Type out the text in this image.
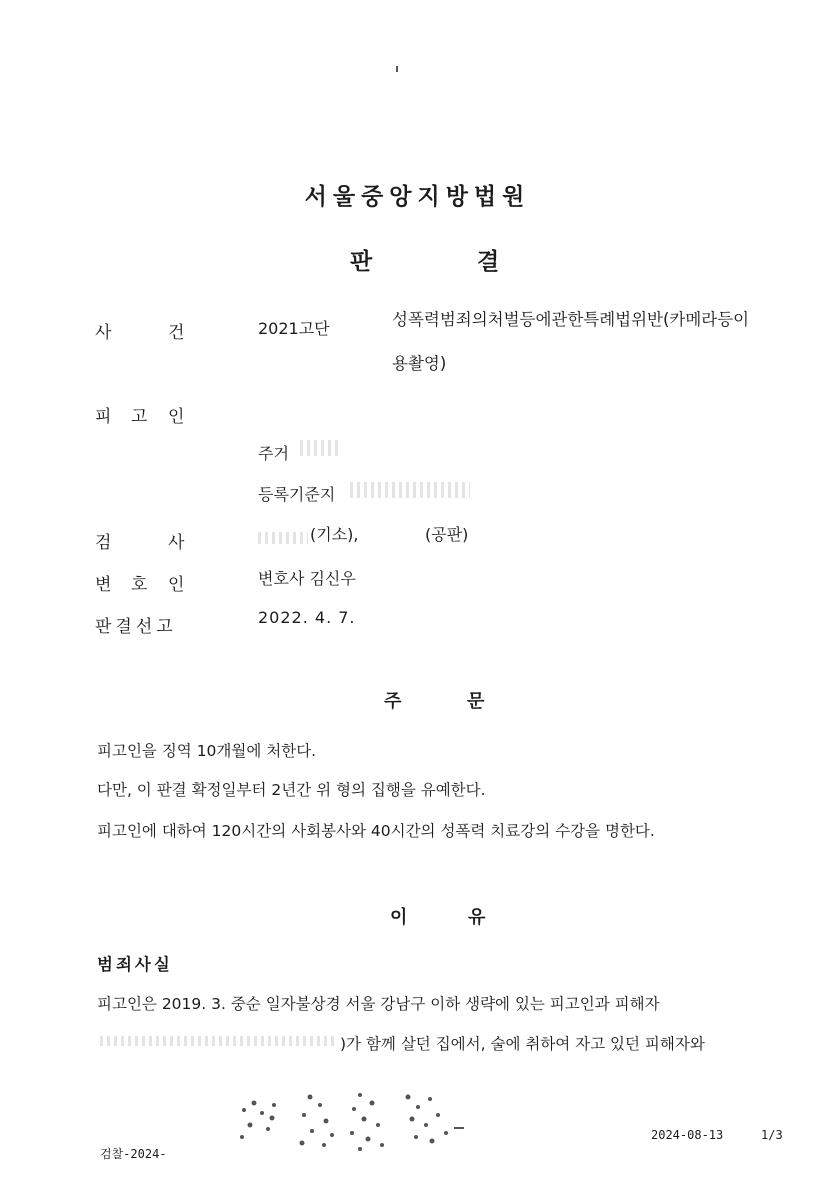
서울중앙지방법원
판	결
사	건	2021고단	성폭력범죄의처벌등에관한특례법위반(카메라등이
용촬영)
피 고 인
주거
등록기준지
검	사	(기소),	(공판)
변 호 인	변호사 김신우
판결선고	2022. 4. 7.
주	문
피고인을 징역 10개월에 처한다.
다만, 이 판결 확정일부터 2년간 위 형의 집행을 유예한다.
피고인에 대하여 120시간의 사회봉사와 40시간의 성폭력 치료강의 수강을 명한다.
이	유
범죄사실
피고인은 2019. 3. 중순 일자불상경 서울 강남구 이하 생략에 있는 피고인과 피해자
)가 함께 살던 집에서, 술에 취하여 자고 있던 피해자와
검찰-2024-
2024-08-13	1/3
